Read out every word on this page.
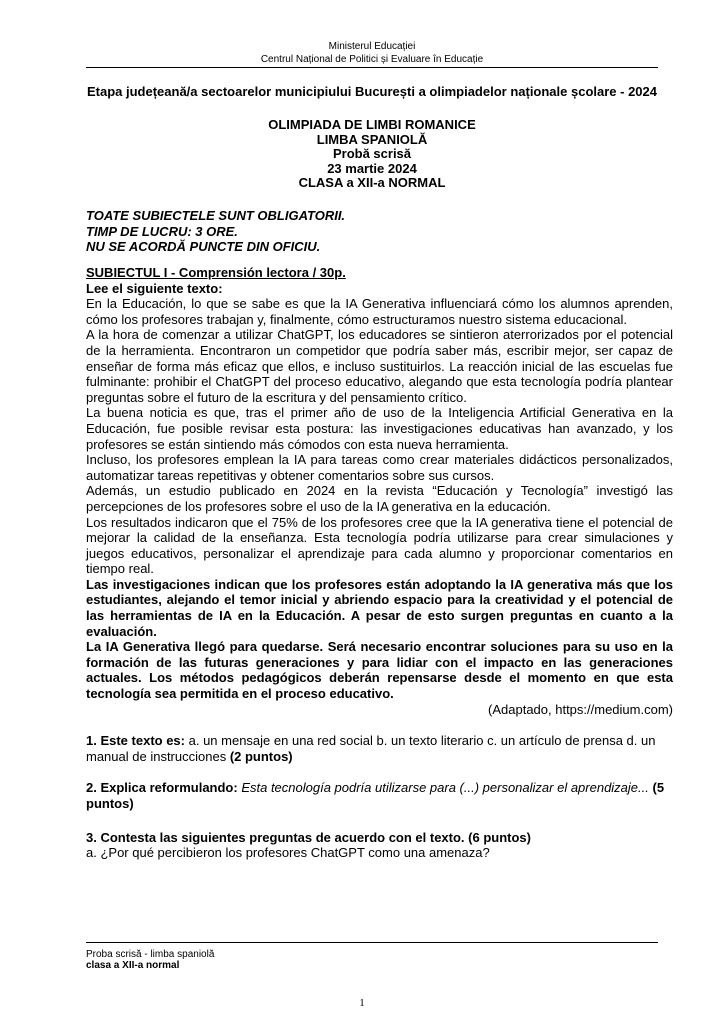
Ministerul Educației
Centrul Național de Politici și Evaluare în Educație
Etapa județeană/a sectoarelor municipiului București a olimpiadelor naționale școlare - 2024
OLIMPIADA DE LIMBI ROMANICE
LIMBA SPANIOLĂ
Probă scrisă
23 martie 2024
CLASA a XII-a NORMAL
TOATE SUBIECTELE SUNT OBLIGATORII.
TIMP DE LUCRU: 3 ORE.
NU SE ACORDĂ PUNCTE DIN OFICIU.
SUBIECTUL I - Comprensión lectora / 30p.
Lee el siguiente texto:

En la Educación, lo que se sabe es que la IA Generativa influenciará cómo los alumnos aprenden, cómo los profesores trabajan y, finalmente, cómo estructuramos nuestro sistema educacional.

A la hora de comenzar a utilizar ChatGPT, los educadores se sintieron aterrorizados por el potencial de la herramienta. Encontraron un competidor que podría saber más, escribir mejor, ser capaz de enseñar de forma más eficaz que ellos, e incluso sustituirlos. La reacción inicial de las escuelas fue fulminante: prohibir el ChatGPT del proceso educativo, alegando que esta tecnología podría plantear preguntas sobre el futuro de la escritura y del pensamiento crítico.

La buena noticia es que, tras el primer año de uso de la Inteligencia Artificial Generativa en la Educación, fue posible revisar esta postura: las investigaciones educativas han avanzado, y los profesores se están sintiendo más cómodos con esta nueva herramienta.

Incluso, los profesores emplean la IA para tareas como crear materiales didácticos personalizados, automatizar tareas repetitivas y obtener comentarios sobre sus cursos.

Además, un estudio publicado en 2024 en la revista “Educación y Tecnología” investigó las percepciones de los profesores sobre el uso de la IA generativa en la educación.

Los resultados indicaron que el 75% de los profesores cree que la IA generativa tiene el potencial de mejorar la calidad de la enseñanza. Esta tecnología podría utilizarse para crear simulaciones y juegos educativos, personalizar el aprendizaje para cada alumno y proporcionar comentarios en tiempo real.

Las investigaciones indican que los profesores están adoptando la IA generativa más que los estudiantes, alejando el temor inicial y abriendo espacio para la creatividad y el potencial de las herramientas de IA en la Educación. A pesar de esto surgen preguntas en cuanto a la evaluación.

La IA Generativa llegó para quedarse. Será necesario encontrar soluciones para su uso en la formación de las futuras generaciones y para lidiar con el impacto en las generaciones actuales. Los métodos pedagógicos deberán repensarse desde el momento en que esta tecnología sea permitida en el proceso educativo.

(Adaptado, https://medium.com)

1. Este texto es: a. un mensaje en una red social b. un texto literario c. un artículo de prensa d. un manual de instrucciones (2 puntos)

2. Explica reformulando: Esta tecnología podría utilizarse para (...) personalizar el aprendizaje... (5 puntos)

3. Contesta las siguientes preguntas de acuerdo con el texto. (6 puntos)

a. ¿Por qué percibieron los profesores ChatGPT como una amenaza?

Proba scrisă - limba spaniolă
clasa a XII-a normal
1
